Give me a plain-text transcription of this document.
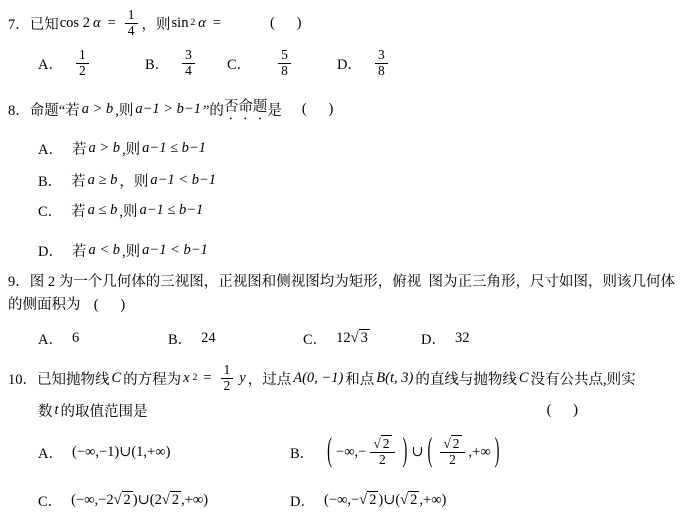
7． 已知 cos 2 $\alpha = \frac{1}{4}$ ，则 sin 2 α =	(      )
A． $\frac{1}{2}$	B． $\frac{3}{4}$ C． $\frac{5}{8}$	D． $\frac{3}{8}$
8． 命题“若 a > b ,则 a−1 > b−1 ”的 否命题 是 (      )
A． 若 a > b ,则 a−1 ≤ b−1
B． 若 a ≥ b ，则 a−1 < b−1
C． 若 a ≤ b ,则 a−1 ≤ b−1
D． 若 a < b ,则 a−1 < b−1
9．图 2 为一个几何体的三视图，正视图和侧视图均为矩形，俯视  图为正三角形，尺寸如图，则该几何体的侧面积为  (      )
A． 6	B． 24	C． 12 √ 3	D． 32
10． 已知抛物线 C 的方程为 x $2 = \frac{1}{2}$ y ，过点 A(0, −1) 和点 B(t, 3) 的直线与抛物线 C 没有公共点,则实
数 t 的取值范围是	(      )
A． (−∞,−1)∪(1,+∞)	B． ( −∞,− √ $\frac{2}{2}$ ) ∪ ( √ $\frac{2}{2}$ ,+∞ )
C． (−∞,−2 √ 2 )∪(2 √ 2 ,+∞)	D． (−∞,− √ 2 )∪( √ 2 ,+∞)
